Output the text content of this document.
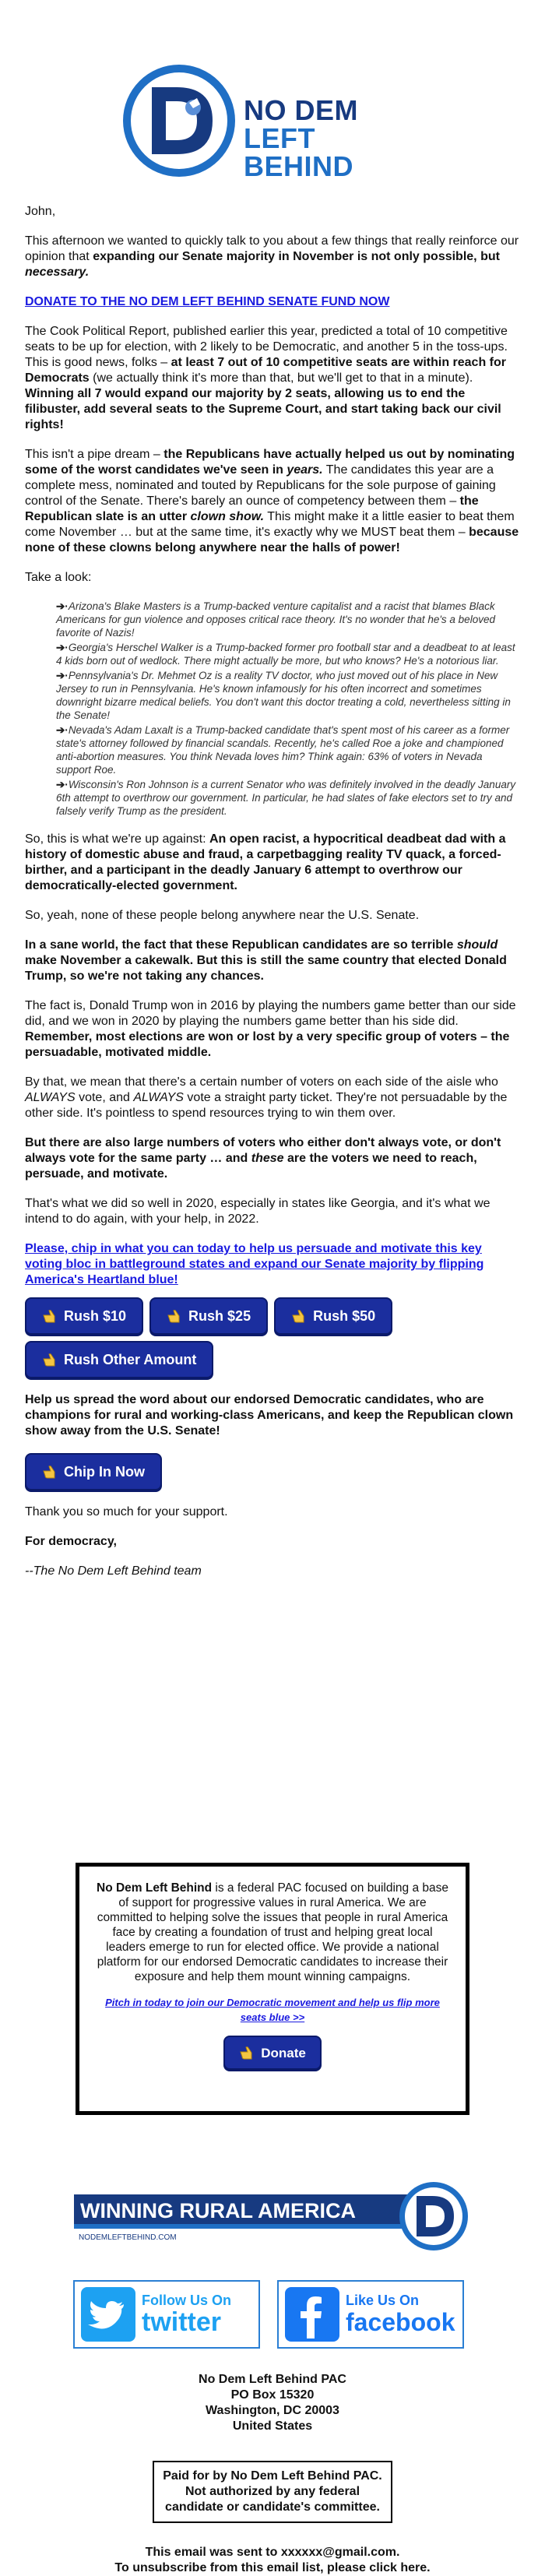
NO DEM
LEFT BEHIND

John,

This afternoon we wanted to quickly talk to you about a few things that really reinforce our opinion that expanding our Senate majority in November is not only possible, but necessary.

DONATE TO THE NO DEM LEFT BEHIND SENATE FUND NOW

The Cook Political Report, published earlier this year, predicted a total of 10 competitive seats to be up for election, with 2 likely to be Democratic, and another 5 in the toss-ups. This is good news, folks – at least 7 out of 10 competitive seats are within reach for Democrats (we actually think it's more than that, but we'll get to that in a minute). Winning all 7 would expand our majority by 2 seats, allowing us to end the filibuster, add several seats to the Supreme Court, and start taking back our civil rights!

This isn't a pipe dream – the Republicans have actually helped us out by nominating some of the worst candidates we've seen in years. The candidates this year are a complete mess, nominated and touted by Republicans for the sole purpose of gaining control of the Senate. There's barely an ounce of competency between them – the Republican slate is an utter clown show. This might make it a little easier to beat them come November … but at the same time, it's exactly why we MUST beat them – because none of these clowns belong anywhere near the halls of power!

Take a look:

➔·Arizona's Blake Masters is a Trump-backed venture capitalist and a racist that blames Black Americans for gun violence and opposes critical race theory. It's no wonder that he's a beloved favorite of Nazis!
➔·Georgia's Herschel Walker is a Trump-backed former pro football star and a deadbeat to at least 4 kids born out of wedlock. There might actually be more, but who knows? He's a notorious liar.
➔·Pennsylvania's Dr. Mehmet Oz is a reality TV doctor, who just moved out of his place in New Jersey to run in Pennsylvania. He's known infamously for his often incorrect and sometimes downright bizarre medical beliefs. You don't want this doctor treating a cold, nevertheless sitting in the Senate!
➔·Nevada's Adam Laxalt is a Trump-backed candidate that's spent most of his career as a former state's attorney followed by financial scandals. Recently, he's called Roe a joke and championed anti-abortion measures. You think Nevada loves him? Think again: 63% of voters in Nevada support Roe.
➔·Wisconsin's Ron Johnson is a current Senator who was definitely involved in the deadly January 6th attempt to overthrow our government. In particular, he had slates of fake electors set to try and falsely verify Trump as the president.

So, this is what we're up against: An open racist, a hypocritical deadbeat dad with a history of domestic abuse and fraud, a carpetbagging reality TV quack, a forced-birther, and a participant in the deadly January 6 attempt to overthrow our democratically-elected government.

So, yeah, none of these people belong anywhere near the U.S. Senate.

In a sane world, the fact that these Republican candidates are so terrible should make November a cakewalk. But this is still the same country that elected Donald Trump, so we're not taking any chances.

The fact is, Donald Trump won in 2016 by playing the numbers game better than our side did, and we won in 2020 by playing the numbers game better than his side did. Remember, most elections are won or lost by a very specific group of voters – the persuadable, motivated middle.

By that, we mean that there's a certain number of voters on each side of the aisle who ALWAYS vote, and ALWAYS vote a straight party ticket. They're not persuadable by the other side. It's pointless to spend resources trying to win them over.

But there are also large numbers of voters who either don't always vote, or don't always vote for the same party … and these are the voters we need to reach, persuade, and motivate.

That's what we did so well in 2020, especially in states like Georgia, and it's what we intend to do again, with your help, in 2022.

Please, chip in what you can today to help us persuade and motivate this key voting bloc in battleground states and expand our Senate majority by flipping America's Heartland blue!

Rush $10	Rush $25	Rush $50
Rush Other Amount

Help us spread the word about our endorsed Democratic candidates, who are champions for rural and working-class Americans, and keep the Republican clown show away from the U.S. Senate!

Chip In Now

Thank you so much for your support.

For democracy,

--The No Dem Left Behind team

No Dem Left Behind is a federal PAC focused on building a base of support for progressive values in rural America. We are committed to helping solve the issues that people in rural America face by creating a foundation of trust and helping great local leaders emerge to run for elected office. We provide a national platform for our endorsed Democratic candidates to increase their exposure and help them mount winning campaigns.
Pitch in today to join our Democratic movement and help us flip more seats blue >>
Donate
WINNING RURAL AMERICA
NODEMLEFTBEHIND.COM
Follow Us On
twitter
Like Us On
facebook
No Dem Left Behind PAC
PO Box 15320
Washington, DC 20003
United States
Paid for by No Dem Left Behind PAC. Not authorized by any federal candidate or candidate's committee.
This email was sent to xxxxxx@gmail.com.
To unsubscribe from this email list, please click here.
